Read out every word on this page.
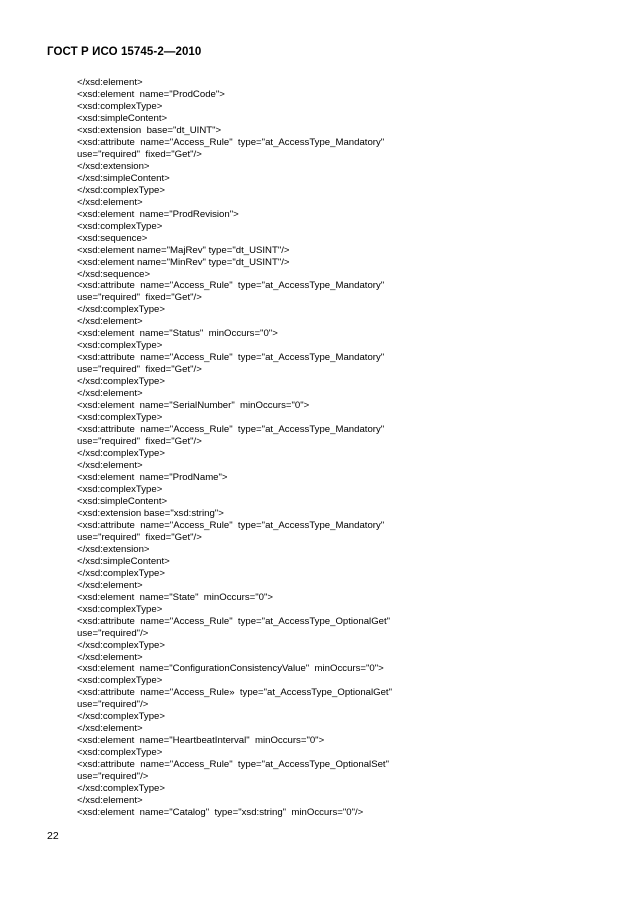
ГОСТ Р ИСО 15745-2—2010
</xsd:element>
<xsd:element  name="ProdCode">
<xsd:complexType>
<xsd:simpleContent>
<xsd:extension  base="dt_UINT">
<xsd:attribute  name="Access_Rule"  type="at_AccessType_Mandatory"
use="required"  fixed="Get"/>
</xsd:extension>
</xsd:simpleContent>
</xsd:complexType>
</xsd:element>
<xsd:element  name="ProdRevision">
<xsd:complexType>
<xsd:sequence>
<xsd:element name="MajRev" type="dt_USINT"/>
<xsd:element name="MinRev" type="dt_USINT"/>
</xsd:sequence>
<xsd:attribute  name="Access_Rule"  type="at_AccessType_Mandatory"
use="required"  fixed="Get"/>
</xsd:complexType>
</xsd:element>
<xsd:element  name="Status"  minOccurs="0">
<xsd:complexType>
<xsd:attribute  name="Access_Rule"  type="at_AccessType_Mandatory"
use="required"  fixed="Get"/>
</xsd:complexType>
</xsd:element>
<xsd:element  name="SerialNumber"  minOccurs="0">
<xsd:complexType>
<xsd:attribute  name="Access_Rule"  type="at_AccessType_Mandatory"
use="required"  fixed="Get"/>
</xsd:complexType>
</xsd:element>
<xsd:element  name="ProdName">
<xsd:complexType>
<xsd:simpleContent>
<xsd:extension base="xsd:string">
<xsd:attribute  name="Access_Rule"  type="at_AccessType_Mandatory"
use="required"  fixed="Get"/>
</xsd:extension>
</xsd:simpleContent>
</xsd:complexType>
</xsd:element>
<xsd:element  name="State"  minOccurs="0">
<xsd:complexType>
<xsd:attribute  name="Access_Rule"  type="at_AccessType_OptionalGet"
use="required"/>
</xsd:complexType>
</xsd:element>
<xsd:element  name="ConfigurationConsistencyValue"  minOccurs="0">
<xsd:complexType>
<xsd:attribute  name="Access_Rule»  type="at_AccessType_OptionalGet"
use="required"/>
</xsd:complexType>
</xsd:element>
<xsd:element  name="HeartbeatInterval"  minOccurs="0">
<xsd:complexType>
<xsd:attribute  name="Access_Rule"  type="at_AccessType_OptionalSet"
use="required"/>
</xsd:complexType>
</xsd:element>
<xsd:element  name="Catalog"  type="xsd:string"  minOccurs="0"/>
22
